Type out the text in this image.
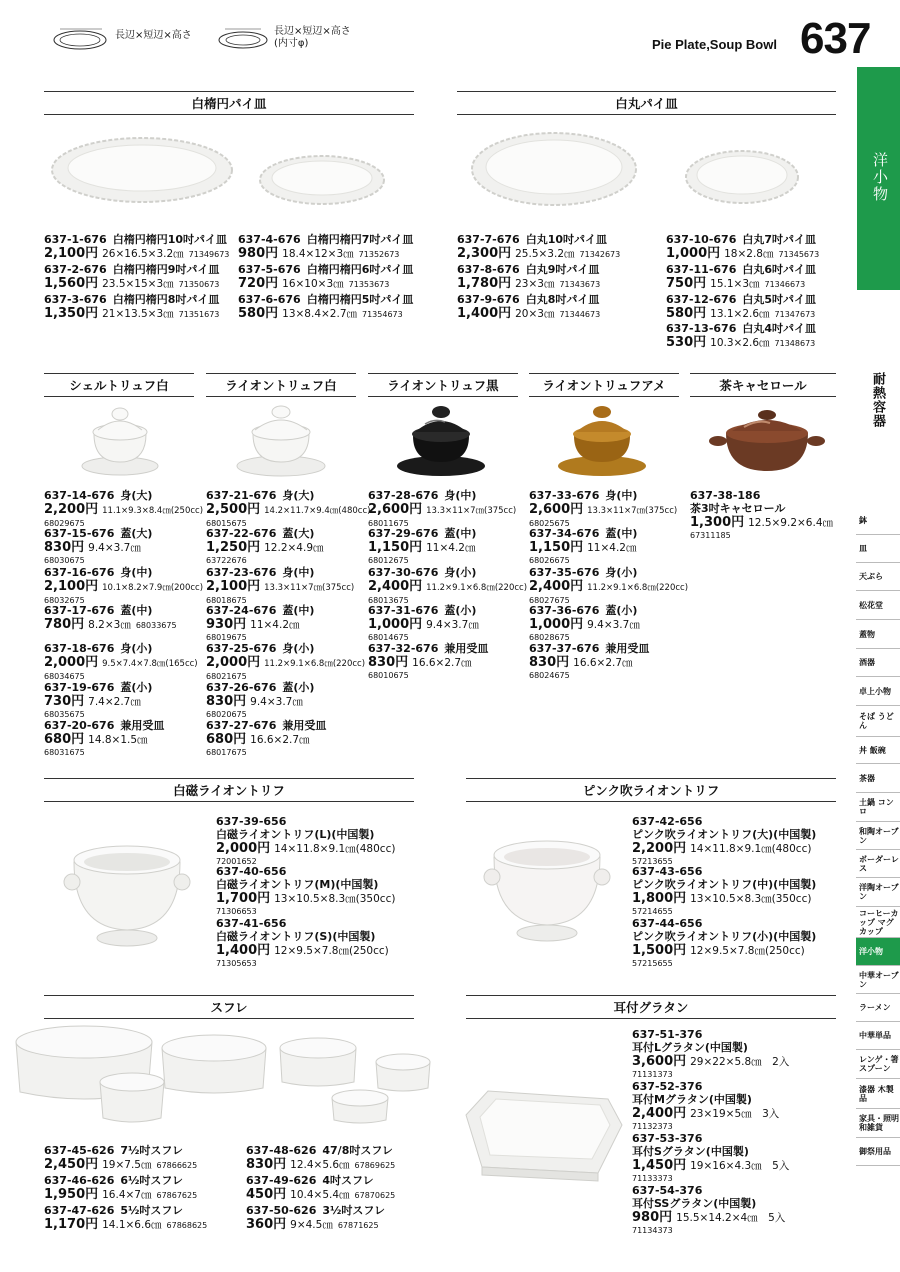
長辺×短辺×高さ	長辺×短辺×高さ
(内寸φ)	Pie Plate,Soup Bowl 637
洋小物
耐熱容器
鉢
皿
天ぷら
松花堂
蓋物
酒器
卓上小物
そば うどん
丼 飯碗
茶器
土鍋 コンロ
和陶オーブン
ボーダーレス
洋陶オーブン
コーヒーカップ マグカップ
洋小物
中華オーブン
ラーメン
中華単品
レンゲ・箸 スプーン
漆器 木製品
家具・照明 和雑貨
御祭用品
白楕円パイ皿	白丸パイ皿
シェルトリュフ白	ライオントリュフ白	ライオントリュフ黒	ライオントリュフアメ	茶キャセロール
白磁ライオントリフ	ピンク吹ライオントリフ
スフレ	耳付グラタン
637-1-676 白楕円楕円10吋パイ皿
2,100円 26×16.5×3.2㎝ 71349673
637-2-676 白楕円楕円9吋パイ皿
1,560円 23.5×15×3㎝ 71350673
637-3-676 白楕円楕円8吋パイ皿
1,350円 21×13.5×3㎝ 71351673
637-4-676 白楕円楕円7吋パイ皿
980円 18.4×12×3㎝ 71352673
637-5-676 白楕円楕円6吋パイ皿
720円 16×10×3㎝ 71353673
637-6-676 白楕円楕円5吋パイ皿
580円 13×8.4×2.7㎝ 71354673
637-7-676 白丸10吋パイ皿
2,300円 25.5×3.2㎝ 71342673
637-8-676 白丸9吋パイ皿
1,780円 23×3㎝ 71343673
637-9-676 白丸8吋パイ皿
1,400円 20×3㎝ 71344673
637-10-676 白丸7吋パイ皿
1,000円 18×2.8㎝ 71345673
637-11-676 白丸6吋パイ皿
750円 15.1×3㎝ 71346673
637-12-676 白丸5吋パイ皿
580円 13.1×2.6㎝ 71347673
637-13-676 白丸4吋パイ皿
530円 10.3×2.6㎝ 71348673
637-14-676 身(大)
2,200円 11.1×9.3×8.4㎝(250cc)
68029675
637-15-676 蓋(大)
830円 9.4×3.7㎝
68030675
637-16-676 身(中)
2,100円 10.1×8.2×7.9㎝(200cc)
68032675
637-17-676 蓋(中)
780円 8.2×3㎝ 68033675
637-18-676 身(小)
2,000円 9.5×7.4×7.8㎝(165cc)
68034675
637-19-676 蓋(小)
730円 7.4×2.7㎝
68035675
637-20-676 兼用受皿
680円 14.8×1.5㎝
68031675
637-21-676 身(大)
2,500円 14.2×11.7×9.4㎝(480cc)
68015675
637-22-676 蓋(大)
1,250円 12.2×4.9㎝
63722676
637-23-676 身(中)
2,100円 13.3×11×7㎝(375cc)
68018675
637-24-676 蓋(中)
930円 11×4.2㎝
68019675
637-25-676 身(小)
2,000円 11.2×9.1×6.8㎝(220cc)
68021675
637-26-676 蓋(小)
830円 9.4×3.7㎝
68020675
637-27-676 兼用受皿
680円 16.6×2.7㎝
68017675
637-28-676 身(中)
2,600円 13.3×11×7㎝(375cc)
68011675
637-29-676 蓋(中)
1,150円 11×4.2㎝
68012675
637-30-676 身(小)
2,400円 11.2×9.1×6.8㎝(220cc)
68013675
637-31-676 蓋(小)
1,000円 9.4×3.7㎝
68014675
637-32-676 兼用受皿
830円 16.6×2.7㎝
68010675
637-33-676 身(中)
2,600円 13.3×11×7㎝(375cc)
68025675
637-34-676 蓋(中)
1,150円 11×4.2㎝
68026675
637-35-676 身(小)
2,400円 11.2×9.1×6.8㎝(220cc)
68027675
637-36-676 蓋(小)
1,000円 9.4×3.7㎝
68028675
637-37-676 兼用受皿
830円 16.6×2.7㎝
68024675
637-38-186
茶3吋キャセロール
1,300円 12.5×9.2×6.4㎝
67311185
637-39-656
白磁ライオントリフ(L)(中国製)
2,000円 14×11.8×9.1㎝(480cc)
72001652
637-40-656
白磁ライオントリフ(M)(中国製)
1,700円 13×10.5×8.3㎝(350cc)
71306653
637-41-656
白磁ライオントリフ(S)(中国製)
1,400円 12×9.5×7.8㎝(250cc)
71305653
637-42-656
ピンク吹ライオントリフ(大)(中国製)
2,200円 14×11.8×9.1㎝(480cc)
57213655
637-43-656
ピンク吹ライオントリフ(中)(中国製)
1,800円 13×10.5×8.3㎝(350cc)
57214655
637-44-656
ピンク吹ライオントリフ(小)(中国製)
1,500円 12×9.5×7.8㎝(250cc)
57215655
637-45-626 7½吋スフレ
2,450円 19×7.5㎝ 67866625
637-46-626 6½吋スフレ
1,950円 16.4×7㎝ 67867625
637-47-626 5½吋スフレ
1,170円 14.1×6.6㎝ 67868625
637-48-626 47/8吋スフレ
830円 12.4×5.6㎝ 67869625
637-49-626 4吋スフレ
450円 10.4×5.4㎝ 67870625
637-50-626 3½吋スフレ
360円 9×4.5㎝ 67871625
637-51-376
耳付Lグラタン(中国製)
3,600円 29×22×5.8㎝　2入
71131373
637-52-376
耳付Mグラタン(中国製)
2,400円 23×19×5㎝　3入
71132373
637-53-376
耳付Sグラタン(中国製)
1,450円 19×16×4.3㎝　5入
71133373
637-54-376
耳付SSグラタン(中国製)
980円 15.5×14.2×4㎝　5入
71134373
